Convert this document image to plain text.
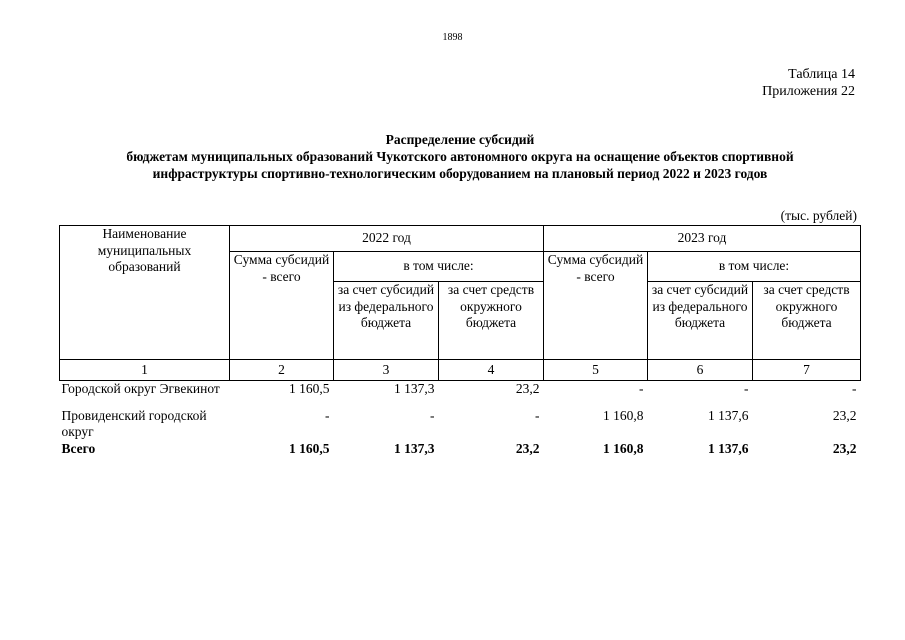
1898
Таблица 14
Приложения 22
Распределение субсидий
бюджетам муниципальных образований Чукотского автономного округа на оснащение объектов спортивной
инфраструктуры спортивно-технологическим оборудованием на плановый период 2022 и 2023 годов
(тыс. рублей)
Наименование муниципальных образований	2022 год			2023 год		
	Сумма субсидий - всего	в том числе:		Сумма субсидий - всего	в том числе:	
		за счет субсидий из федерального бюджета	за счет средств окружного бюджета		за счет субсидий из федерального бюджета	за счет средств окружного бюджета
1	2	3	4	5	6	7
Городской округ Эгвекинот	1 160,5	1 137,3	23,2	-	-	-
Провиденский городской округ	-	-	-	1 160,8	1 137,6	23,2
Всего	1 160,5	1 137,3	23,2	1 160,8	1 137,6	23,2
